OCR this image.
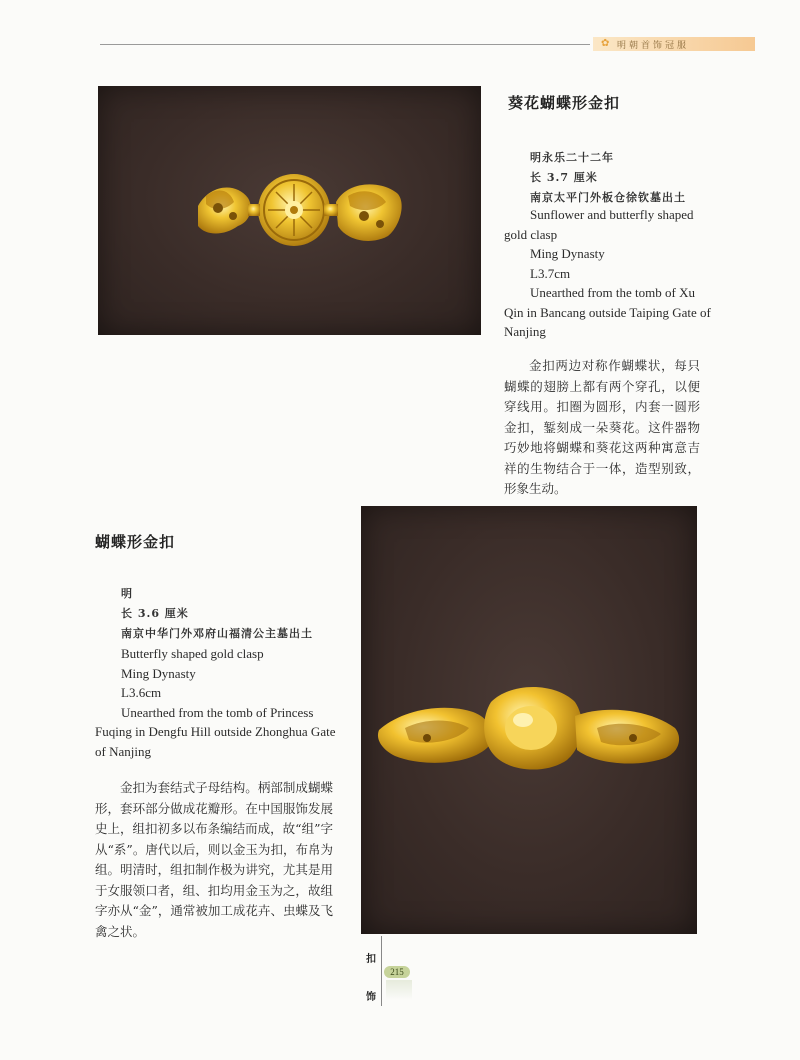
✿ 明朝首饰冠服
葵花蝴蝶形金扣
明永乐二十二年
长 3.7 厘米
南京太平门外板仓徐钦墓出土
Sunflower and butterfly shaped
gold clasp
Ming Dynasty
L3.7cm
Unearthed from the tomb of Xu
Qin in Bancang outside Taiping Gate of
Nanjing
金扣两边对称作蝴蝶状，每只蝴蝶的翅膀上都有两个穿孔，以便穿线用。扣圈为圆形，内套一圆形金扣，錾刻成一朵葵花。这件器物巧妙地将蝴蝶和葵花这两种寓意吉祥的生物结合于一体，造型别致，形象生动。
蝴蝶形金扣
明
长 3.6 厘米
南京中华门外邓府山福清公主墓出土
Butterfly shaped gold clasp
Ming Dynasty
L3.6cm
Unearthed from the tomb of Princess
Fuqing in Dengfu Hill outside Zhonghua Gate
of Nanjing
金扣为套结式子母结构。柄部制成蝴蝶形，套环部分做成花瓣形。在中国服饰发展史上，组扣初多以布条编结而成，故“组”字从“系”。唐代以后，则以金玉为扣，布帛为组。明清时，组扣制作极为讲究，尤其是用于女服领口者，组、扣均用金玉为之，故组字亦从“金”，通常被加工成花卉、虫蝶及飞禽之状。
扣
饰
215
